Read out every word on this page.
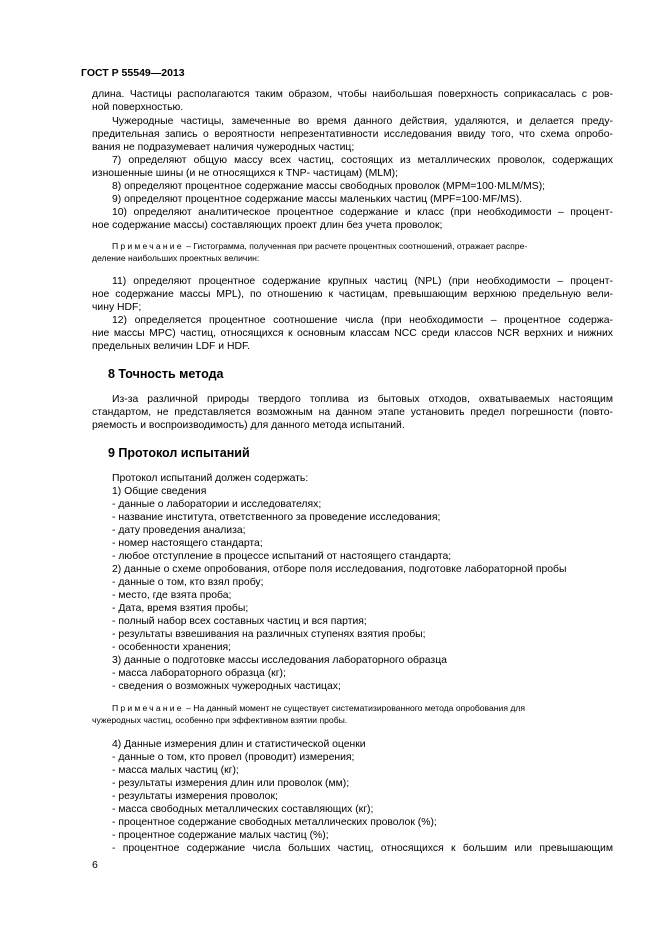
ГОСТ Р 55549—2013
длина. Частицы располагаются таким образом, чтобы наибольшая поверхность соприкасалась с ров-
ной поверхностью.
Чужеродные частицы, замеченные во время данного действия, удаляются, и делается преду-
предительная запись о вероятности непрезентативности исследования ввиду того, что схема опробо-
вания не подразумевает наличия чужеродных частиц;
7) определяют общую массу всех частиц, состоящих из металлических проволок, содержащих
изношенные шины (и не относящихся к TNP- частицам) (MLM);
8) определяют процентное содержание массы свободных проволок (MPM=100·MLM/MS);
9) определяют процентное содержание массы маленьких частиц (MPF=100·MF/MS).
10) определяют аналитическое процентное содержание и класс (при необходимости – процент-
ное содержание массы) составляющих проект длин без учета проволок;
Примечание – Гистограмма, полученная при расчете процентных соотношений, отражает распре-
деление наибольших проектных величин:
11) определяют процентное содержание крупных частиц (NPL) (при необходимости – процент-
ное содержание массы MPL), по отношению к частицам, превышающим верхнюю предельную вели-
чину HDF;
12) определяется процентное соотношение числа (при необходимости – процентное содержа-
ние массы MPC) частиц, относящихся к основным классам NCC среди классов NCR верхних и нижних
предельных величин LDF и HDF.
8 Точность метода
Из-за различной природы твердого топлива из бытовых отходов, охватываемых настоящим
стандартом, не представляется возможным на данном этапе установить предел погрешности (повто-
ряемость и воспроизводимость) для данного метода испытаний.
9 Протокол испытаний
Протокол испытаний должен содержать:
1) Общие сведения
- данные о лаборатории и исследователях;
- название института, ответственного за проведение исследования;
- дату проведения анализа;
- номер настоящего стандарта;
- любое отступление в процессе испытаний от настоящего стандарта;
2) данные о схеме опробования, отборе поля исследования, подготовке лабораторной пробы
- данные о том, кто взял пробу;
- место, где взята проба;
- Дата, время взятия пробы;
- полный набор всех составных частиц и вся партия;
- результаты взвешивания на различных ступенях взятия пробы;
- особенности хранения;
3) данные о подготовке массы исследования лабораторного образца
- масса лабораторного образца (кг);
- сведения о возможных чужеродных частицах;
Примечание – На данный момент не существует систематизированного метода опробования для
чужеродных частиц, особенно при эффективном взятии пробы.
4) Данные измерения длин и статистической оценки
- данные о том, кто провел (проводит) измерения;
- масса малых частиц (кг);
- результаты измерения длин или проволок (мм);
- результаты измерения проволок;
- масса свободных металлических составляющих (кг);
- процентное содержание свободных металлических проволок (%);
- процентное содержание малых частиц (%);
- процентное содержание числа больших частиц, относящихся к большим или превышающим
6
